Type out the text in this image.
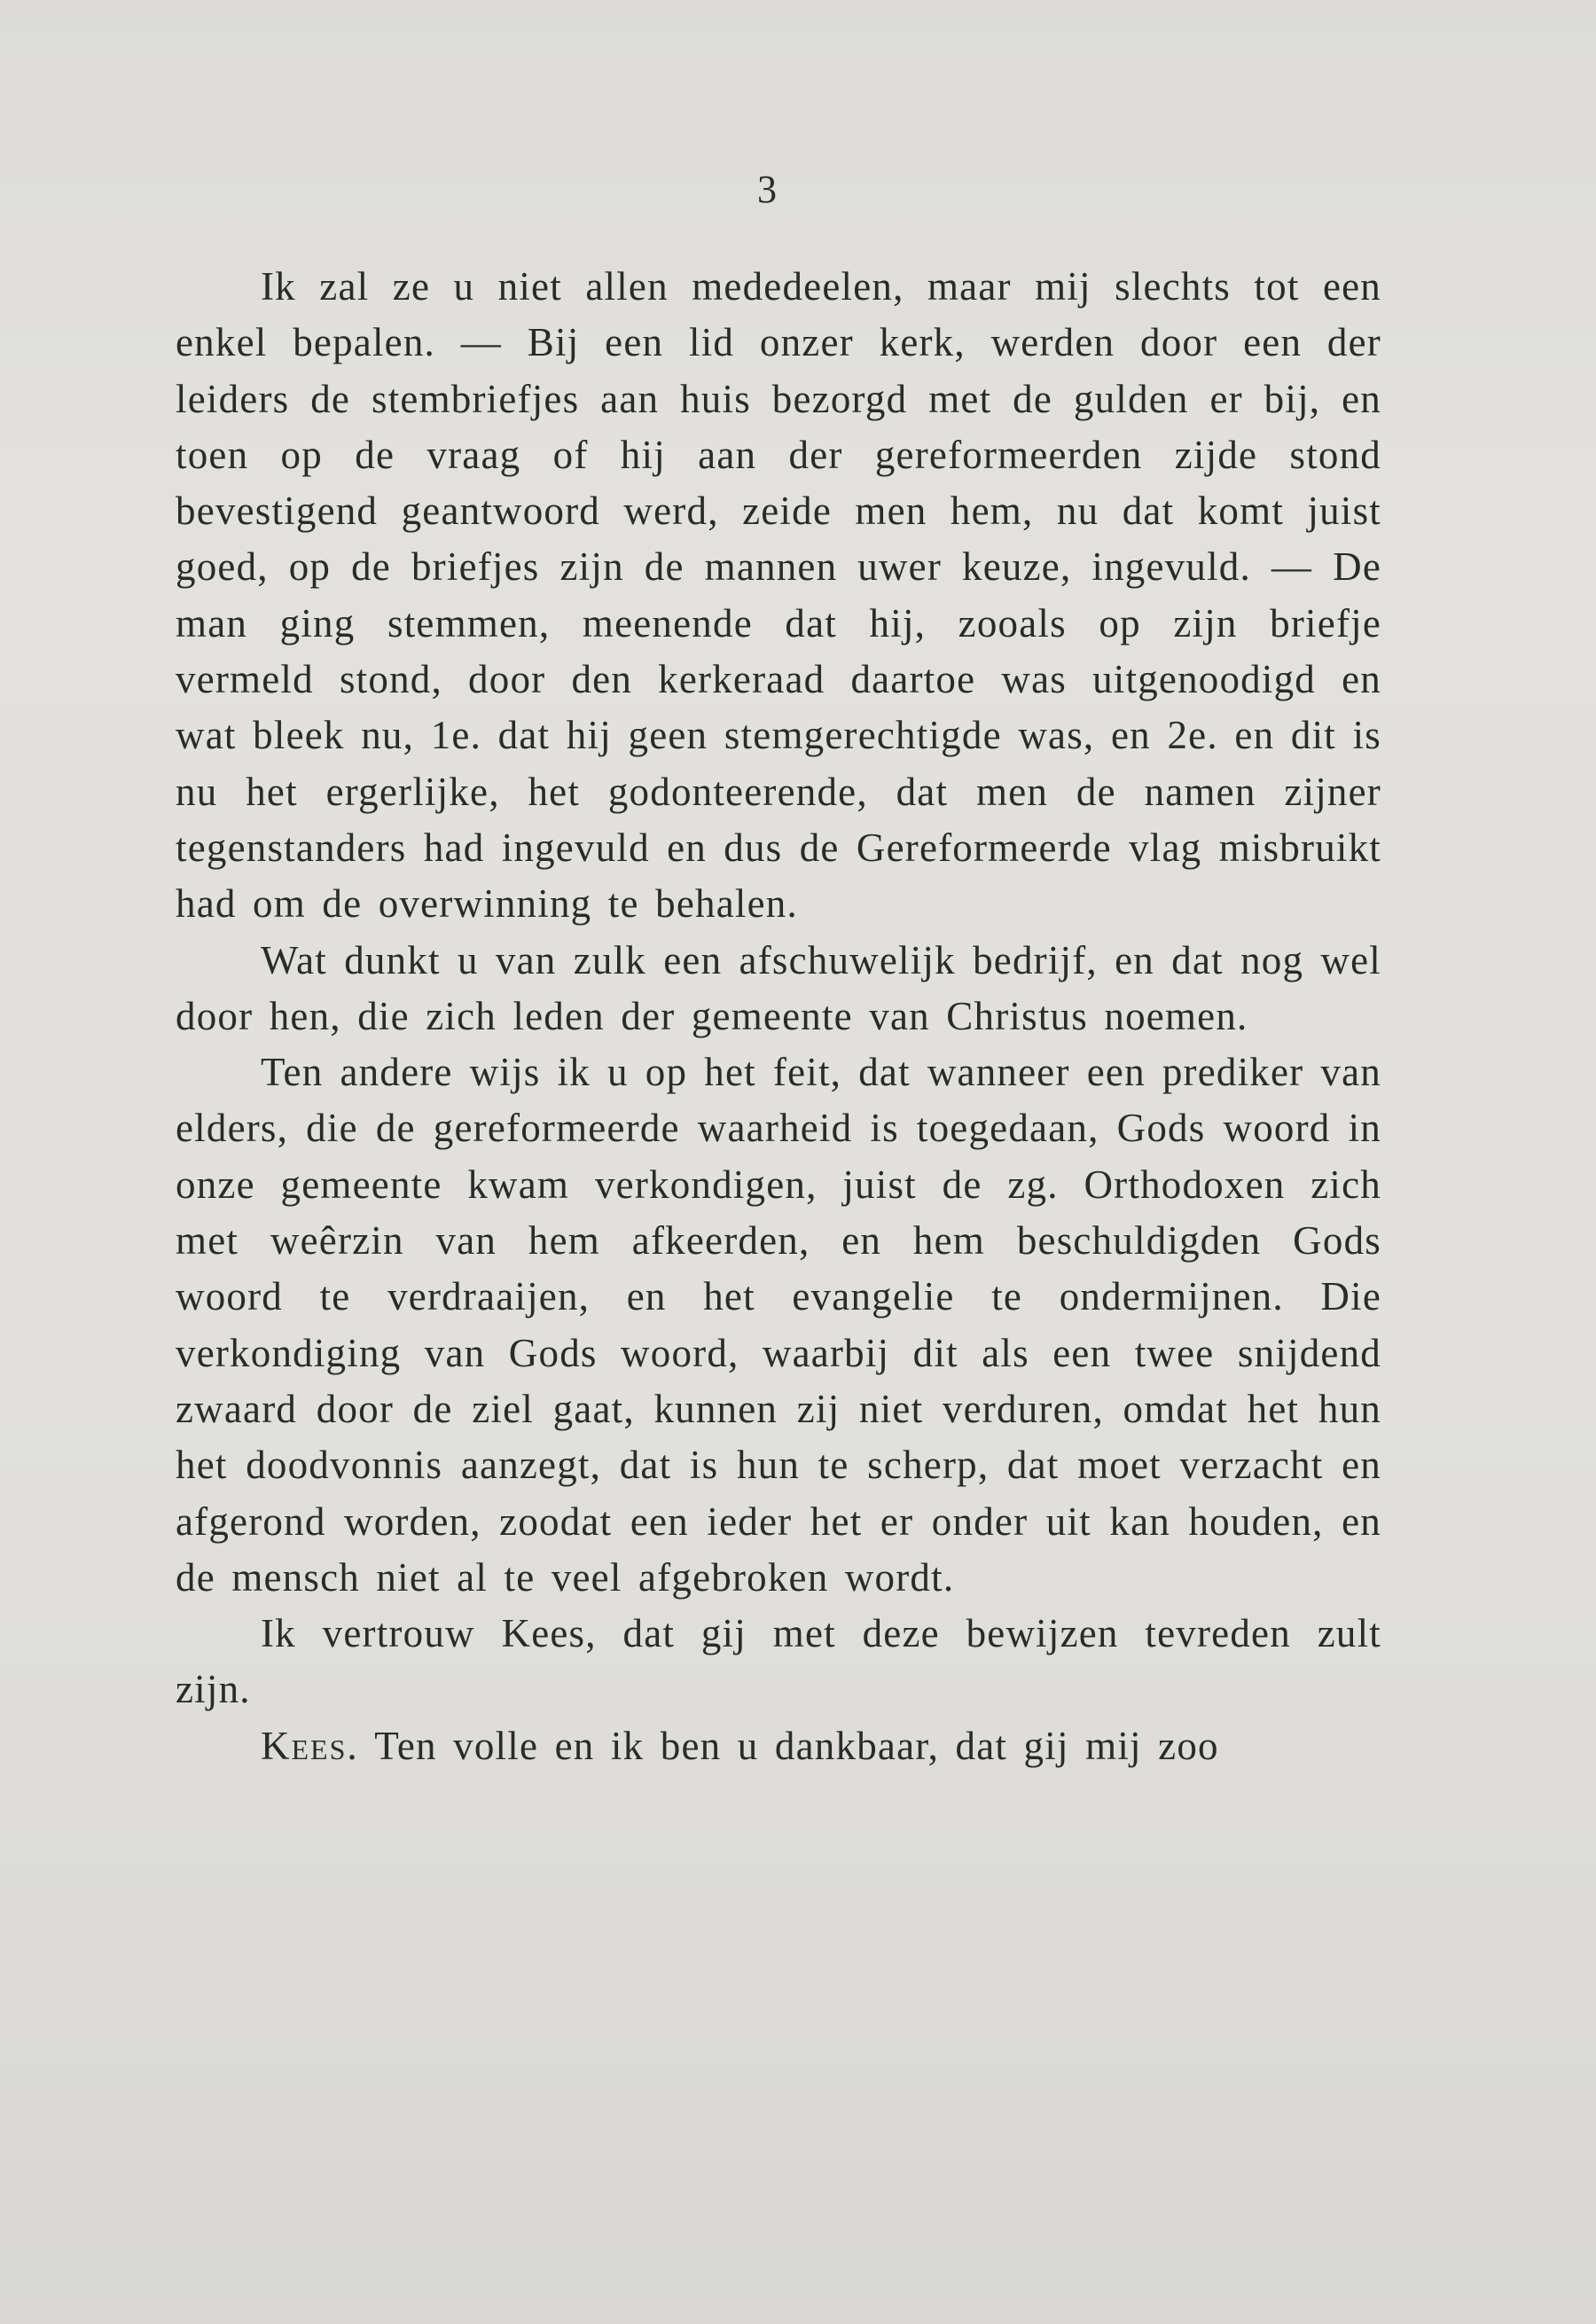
3

Ik zal ze u niet allen mededeelen, maar mij slechts tot een enkel bepalen. — Bij een lid onzer kerk, werden door een der leiders de stembriefjes aan huis bezorgd met de gulden er bij, en toen op de vraag of hij aan der gereformeerden zijde stond bevestigend geantwoord werd, zeide men hem, nu dat komt juist goed, op de briefjes zijn de mannen uwer keuze, ingevuld. — De man ging stemmen, meenende dat hij, zooals op zijn briefje vermeld stond, door den kerkeraad daartoe was uitgenoodigd en wat bleek nu, 1e. dat hij geen stemgerechtigde was, en 2e. en dit is nu het ergerlijke, het godonteerende, dat men de namen zijner tegenstanders had ingevuld en dus de Gereformeerde vlag misbruikt had om de overwinning te behalen.

Wat dunkt u van zulk een afschuwelijk bedrijf, en dat nog wel door hen, die zich leden der gemeente van Christus noemen.

Ten andere wijs ik u op het feit, dat wanneer een prediker van elders, die de gereformeerde waarheid is toegedaan, Gods woord in onze gemeente kwam verkondigen, juist de zg. Orthodoxen zich met weêrzin van hem afkeerden, en hem beschuldigden Gods woord te verdraaijen, en het evangelie te ondermijnen. Die verkondiging van Gods woord, waarbij dit als een twee snijdend zwaard door de ziel gaat, kunnen zij niet verduren, omdat het hun het doodvonnis aanzegt, dat is hun te scherp, dat moet verzacht en afgerond worden, zoodat een ieder het er onder uit kan houden, en de mensch niet al te veel afgebroken wordt.

Ik vertrouw Kees, dat gij met deze bewijzen tevreden zult zijn.

Kees. Ten volle en ik ben u dankbaar, dat gij mij zoo
